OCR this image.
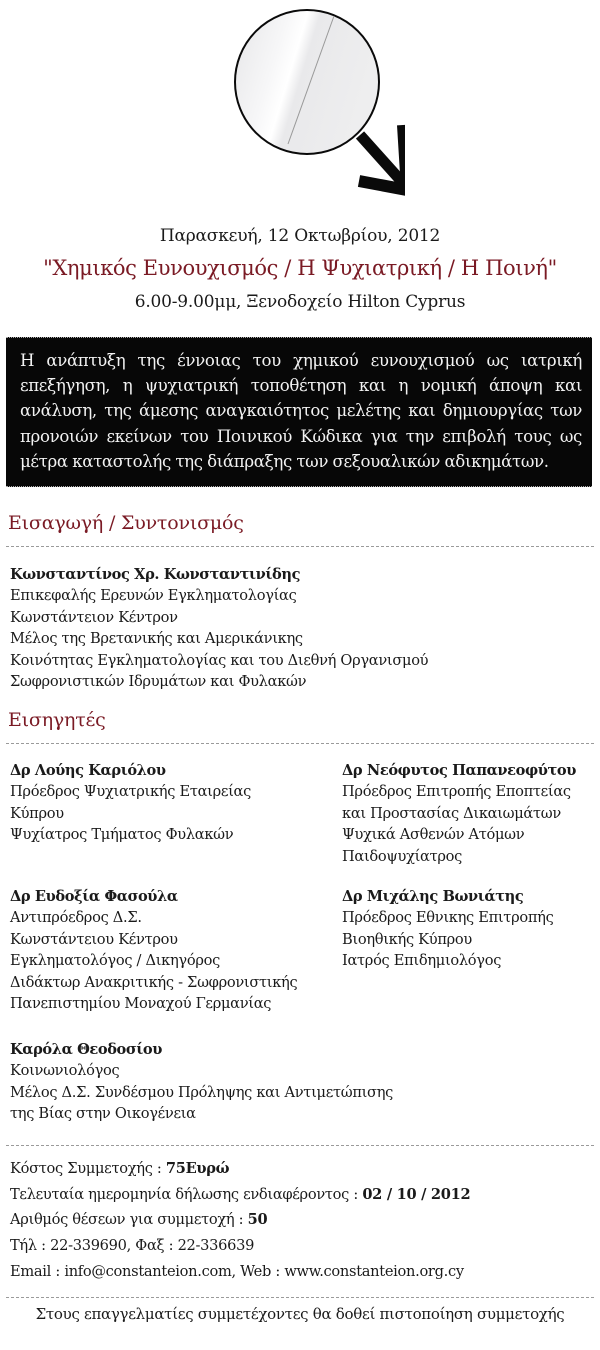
Παρασκευή, 12 Οκτωβρίου, 2012
"Χημικός Ευνουχισμός / Η Ψυχιατρική / Η Ποινή"
6.00-9.00μμ, Ξενοδοχείο Hilton Cyprus

Η ανάπτυξη της έννοιας του χημικού ευνουχισμού ως ιατρική επεξήγηση, η ψυχιατρική τοποθέτηση και η νομική άποψη και ανάλυση, της άμεσης αναγκαιότητος μελέτης και δημιουργίας των προνοιών εκείνων του Ποινικού Κώδικα για την επιβολή τους ως μέτρα καταστολής της διάπραξης των σεξουαλικών αδικημάτων.

Εισαγωγή / Συντονισμός
Κωνσταντίνος Χρ. Κωνσταντινίδης
Επικεφαλής Ερευνών Εγκληματολογίας
Κωνστάντειον Κέντρον
Μέλος της Βρετανικής και Αμερικάνικης
Κοινότητας Εγκληματολογίας και του Διεθνή Οργανισμού
Σωφρονιστικών Ιδρυμάτων και Φυλακών
Εισηγητές
Δρ Λούης Καριόλου
Πρόεδρος Ψυχιατρικής Εταιρείας
Κύπρου
Ψυχίατρος Τμήματος Φυλακών
Δρ Νεόφυτος Παπανεοφύτου
Πρόεδρος Επιτροπής Εποπτείας
και Προστασίας Δικαιωμάτων
Ψυχικά Ασθενών Ατόμων
Παιδοψυχίατρος
Δρ Ευδοξία Φασούλα
Αντιπρόεδρος Δ.Σ.
Κωνστάντειου Κέντρου
Εγκληματολόγος / Δικηγόρος
Διδάκτωρ Ανακριτικής - Σωφρονιστικής
Πανεπιστημίου Μοναχού Γερμανίας
Δρ Μιχάλης Βωνιάτης
Πρόεδρος Εθνικης Επιτροπής
Βιοηθικής Κύπρου
Ιατρός Επιδημιολόγος
Καρόλα Θεοδοσίου
Κοινωνιολόγος
Μέλος Δ.Σ. Συνδέσμου Πρόληψης και Αντιμετώπισης
της Βίας στην Οικογένεια
Κόστος Συμμετοχής : 75Ευρώ
Τελευταία ημερομηνία δήλωσης ενδιαφέροντος : 02 / 10 / 2012
Αριθμός θέσεων για συμμετοχή : 50
Τήλ : 22-339690, Φαξ : 22-336639
Email : info@constanteion.com, Web : www.constanteion.org.cy
Στους επαγγελματίες συμμετέχοντες θα δοθεί πιστοποίηση συμμετοχής
